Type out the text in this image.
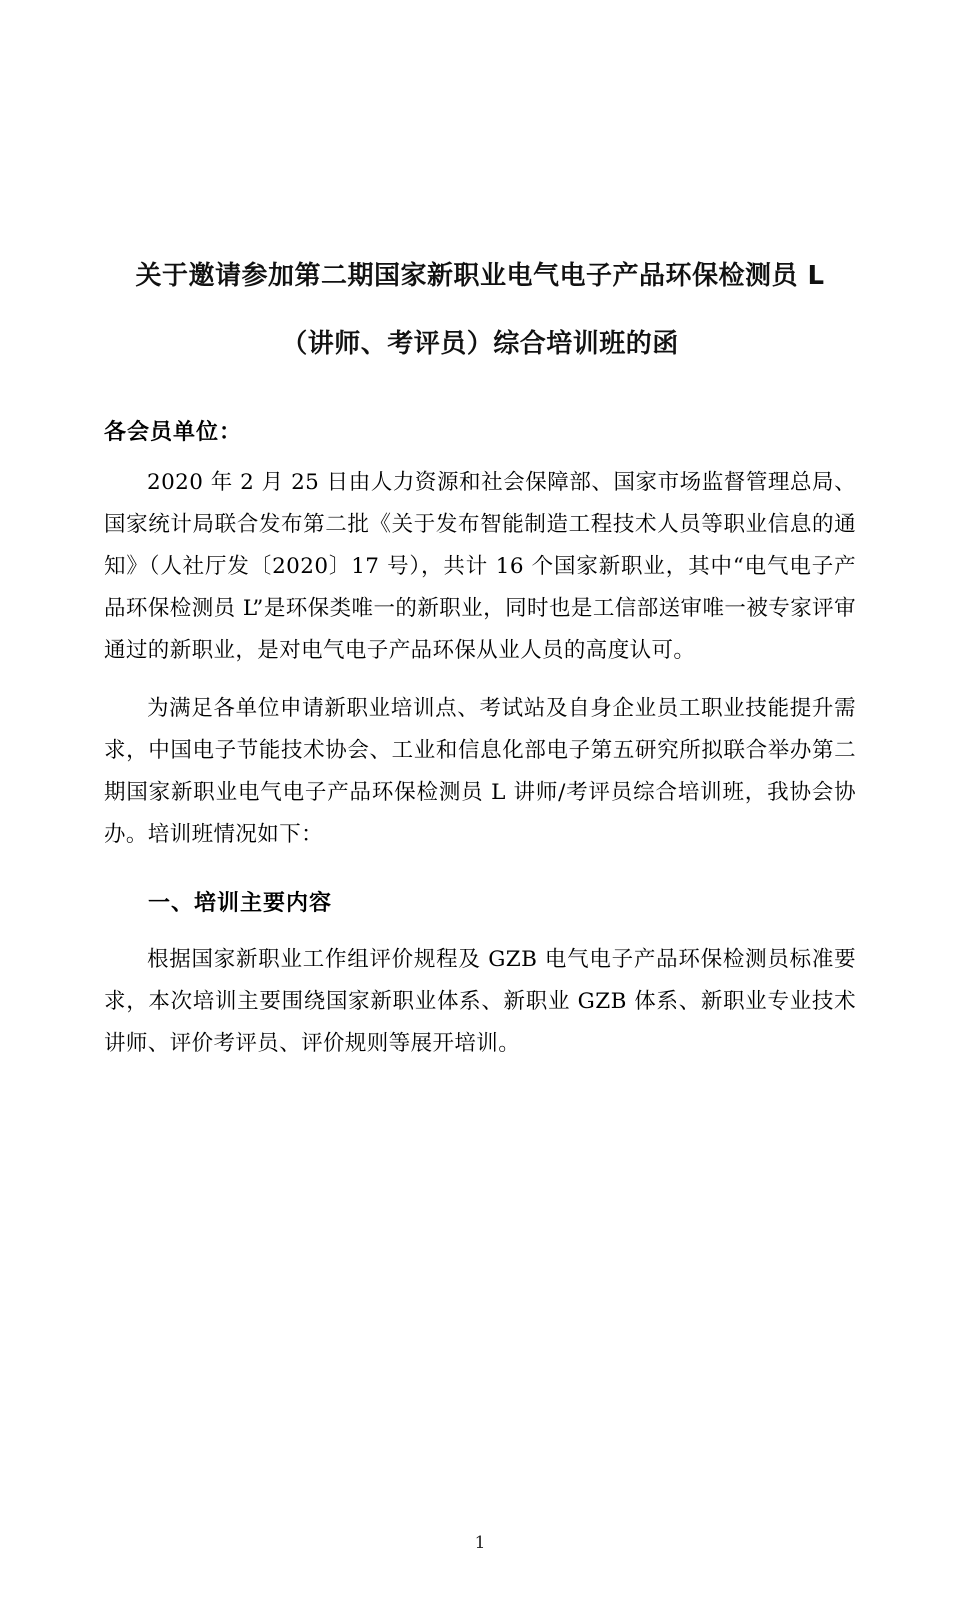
关于邀请参加第二期国家新职业电气电子产品环保检测员 L
（讲师、考评员）综合培训班的函
各会员单位：

2020 年 2 月 25 日由人力资源和社会保障部、国家市场监督管理总局、国家统计局联合发布第二批《关于发布智能制造工程技术人员等职业信息的通知》（人社厅发〔2020〕17 号），共计 16 个国家新职业，其中“电气电子产品环保检测员 L”是环保类唯一的新职业，同时也是工信部送审唯一被专家评审通过的新职业，是对电气电子产品环保从业人员的高度认可。

为满足各单位申请新职业培训点、考试站及自身企业员工职业技能提升需求，中国电子节能技术协会、工业和信息化部电子第五研究所拟联合举办第二期国家新职业电气电子产品环保检测员 L 讲师/考评员综合培训班，我协会协办。培训班情况如下：

一、培训主要内容

根据国家新职业工作组评价规程及 GZB 电气电子产品环保检测员标准要求，本次培训主要围绕国家新职业体系、新职业 GZB 体系、新职业专业技术讲师、评价考评员、评价规则等展开培训。

1
